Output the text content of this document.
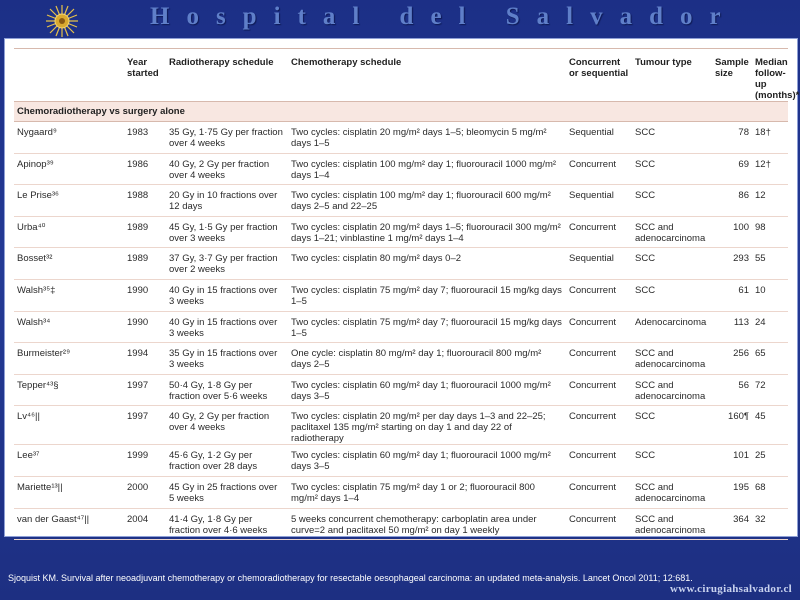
Hospital del Salvador
	Year started	Radiotherapy schedule	Chemotherapy schedule	Concurrent or sequential	Tumour type	Sample size	Median follow-up (months)*
Chemoradiotherapy vs surgery alone							
Nygaard⁹	1983	35 Gy, 1·75 Gy per fraction over 4 weeks	Two cycles: cisplatin 20 mg/m² days 1–5; bleomycin 5 mg/m² days 1–5	Sequential	SCC	78	18†
Apinop³⁹	1986	40 Gy, 2 Gy per fraction over 4 weeks	Two cycles: cisplatin 100 mg/m² day 1; fluorouracil 1000 mg/m² days 1–4	Concurrent	SCC	69	12†
Le Prise³⁶	1988	20 Gy in 10 fractions over 12 days	Two cycles: cisplatin 100 mg/m² day 1; fluorouracil 600 mg/m² days 2–5 and 22–25	Sequential	SCC	86	12
Urba⁴⁰	1989	45 Gy, 1·5 Gy per fraction over 3 weeks	Two cycles: cisplatin 20 mg/m² days 1–5; fluorouracil 300 mg/m² days 1–21; vinblastine 1 mg/m² days 1–4	Concurrent	SCC and adenocarcinoma	100	98
Bosset³²	1989	37 Gy, 3·7 Gy per fraction over 2 weeks	Two cycles: cisplatin 80 mg/m² days 0–2	Sequential	SCC	293	55
Walsh³⁵‡	1990	40 Gy in 15 fractions over 3 weeks	Two cycles: cisplatin 75 mg/m² day 7; fluorouracil 15 mg/kg days 1–5	Concurrent	SCC	61	10
Walsh³⁴	1990	40 Gy in 15 fractions over 3 weeks	Two cycles: cisplatin 75 mg/m² day 7; fluorouracil 15 mg/kg days 1–5	Concurrent	Adenocarcinoma	113	24
Burmeister²⁹	1994	35 Gy in 15 fractions over 3 weeks	One cycle: cisplatin 80 mg/m² day 1; fluorouracil 800 mg/m² days 2–5	Concurrent	SCC and adenocarcinoma	256	65
Tepper⁴³§	1997	50·4 Gy, 1·8 Gy per fraction over 5·6 weeks	Two cycles: cisplatin 60 mg/m² day 1; fluorouracil 1000 mg/m² days 3–5	Concurrent	SCC and adenocarcinoma	56	72
Lv⁴⁶||	1997	40 Gy, 2 Gy per fraction over 4 weeks	Two cycles: cisplatin 20 mg/m² per day days 1–3 and 22–25; paclitaxel 135 mg/m² starting on day 1 and day 22 of radiotherapy	Concurrent	SCC	160¶	45
Lee³⁷	1999	45·6 Gy, 1·2 Gy per fraction over 28 days	Two cycles: cisplatin 60 mg/m² day 1; fluorouracil 1000 mg/m² days 3–5	Concurrent	SCC	101	25
Mariette¹³||	2000	45 Gy in 25 fractions over 5 weeks	Two cycles: cisplatin 75 mg/m² day 1 or 2; fluorouracil 800 mg/m² days 1–4	Concurrent	SCC and adenocarcinoma	195	68
van der Gaast⁴⁷||	2004	41·4 Gy, 1·8 Gy per fraction over 4·6 weeks	5 weeks concurrent chemotherapy: carboplatin area under curve=2 and paclitaxel 50 mg/m² on day 1 weekly	Concurrent	SCC and adenocarcinoma	364	32
Sjoquist KM. Survival after neoadjuvant chemotherapy or chemoradiotherapy for resectable oesophageal carcinoma: an updated meta-analysis. Lancet Oncol 2011; 12:681.
www.cirugiahsalvador.cl
